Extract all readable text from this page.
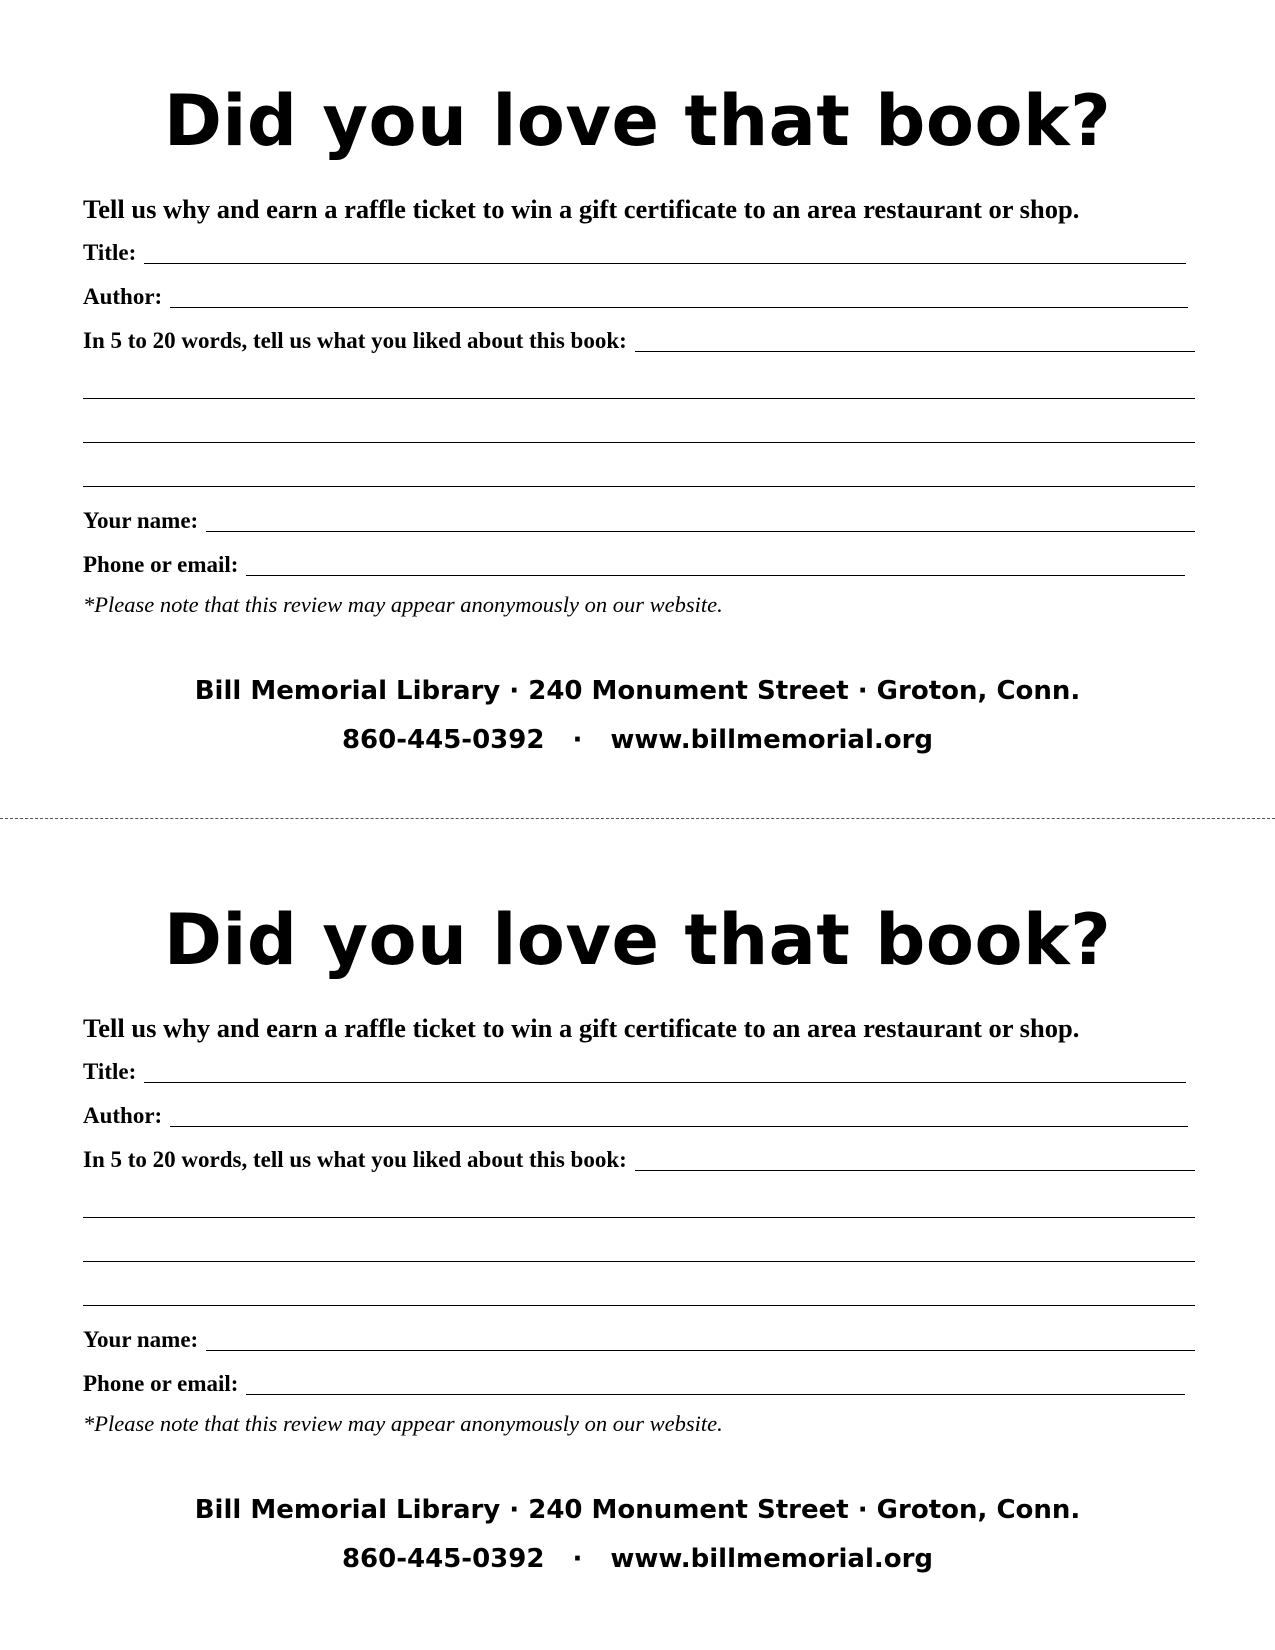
Did you love that book?

Tell us why and earn a raffle ticket to win a gift certificate to an area restaurant or shop.

Title:
Author:
In 5 to 20 words, tell us what you liked about this book:
Your name:
Phone or email:
*Please note that this review may appear anonymously on our website.
Bill Memorial Library · 240 Monument Street · Groton, Conn.
860-445-0392 · www.billmemorial.org
Did you love that book?

Tell us why and earn a raffle ticket to win a gift certificate to an area restaurant or shop.

Title:
Author:
In 5 to 20 words, tell us what you liked about this book:
Your name:
Phone or email:
*Please note that this review may appear anonymously on our website.
Bill Memorial Library · 240 Monument Street · Groton, Conn.
860-445-0392 · www.billmemorial.org
